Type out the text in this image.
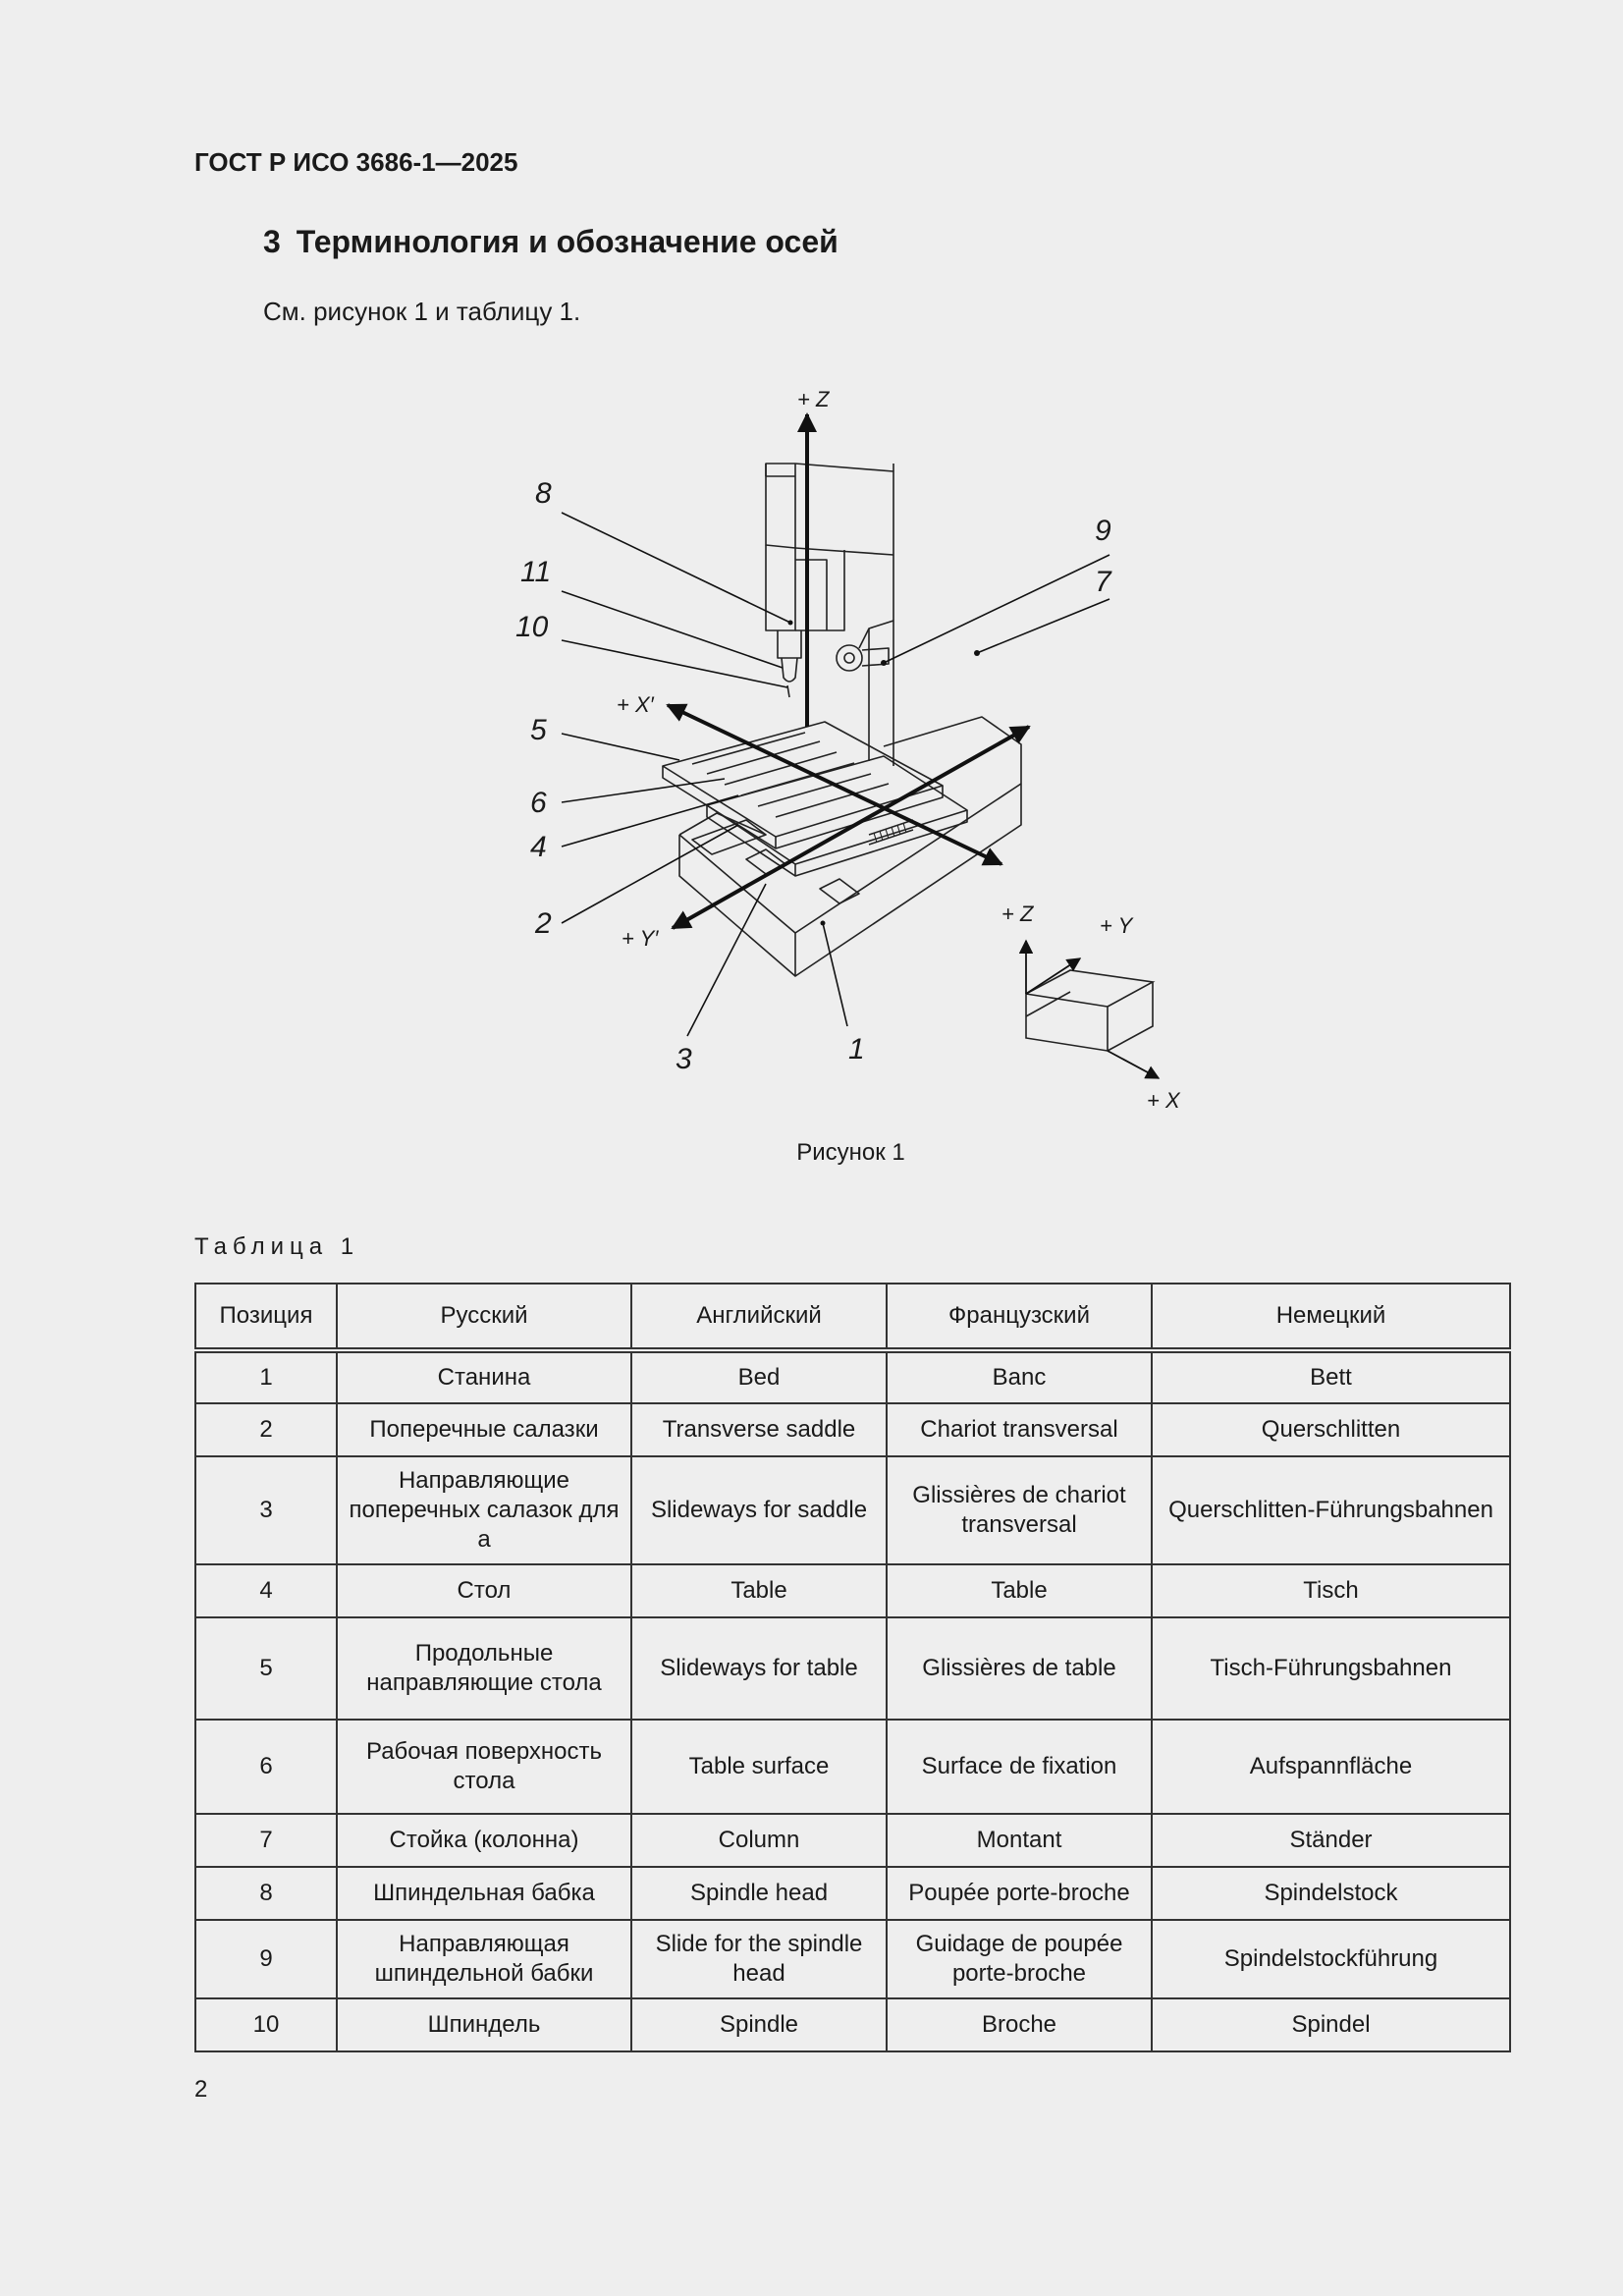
ГОСТ Р ИСО 3686-1—2025
3 Терминология и обозначение осей
См. рисунок 1 и таблицу 1.
8
11
10
9
7
5
6
4
2
3	1
+ Z
+ X′
+ Y′
+ Z	+ Y
+ X
Рисунок 1
Таблица 1
Позиция	Русский	Английский	Французский	Немецкий
1	Станина	Bed	Banc	Bett
2	Поперечные салазки	Transverse saddle	Chariot transversal	Querschlitten
3	Направляющие поперечных салазок для а	Slideways for saddle	Glissières de chariot transversal	Querschlitten-Führungsbahnen
4	Стол	Table	Table	Tisch
5	Продольные направляющие стола	Slideways for table	Glissières de table	Tisch-Führungsbahnen
6	Рабочая поверхность стола	Table surface	Surface de fixation	Aufspannfläche
7	Стойка (колонна)	Column	Montant	Ständer
8	Шпиндельная бабка	Spindle head	Poupée porte-broche	Spindelstock
9	Направляющая шпиндельной бабки	Slide for the spindle head	Guidage de poupée porte-broche	Spindelstockführung
10	Шпиндель	Spindle	Broche	Spindel
2
